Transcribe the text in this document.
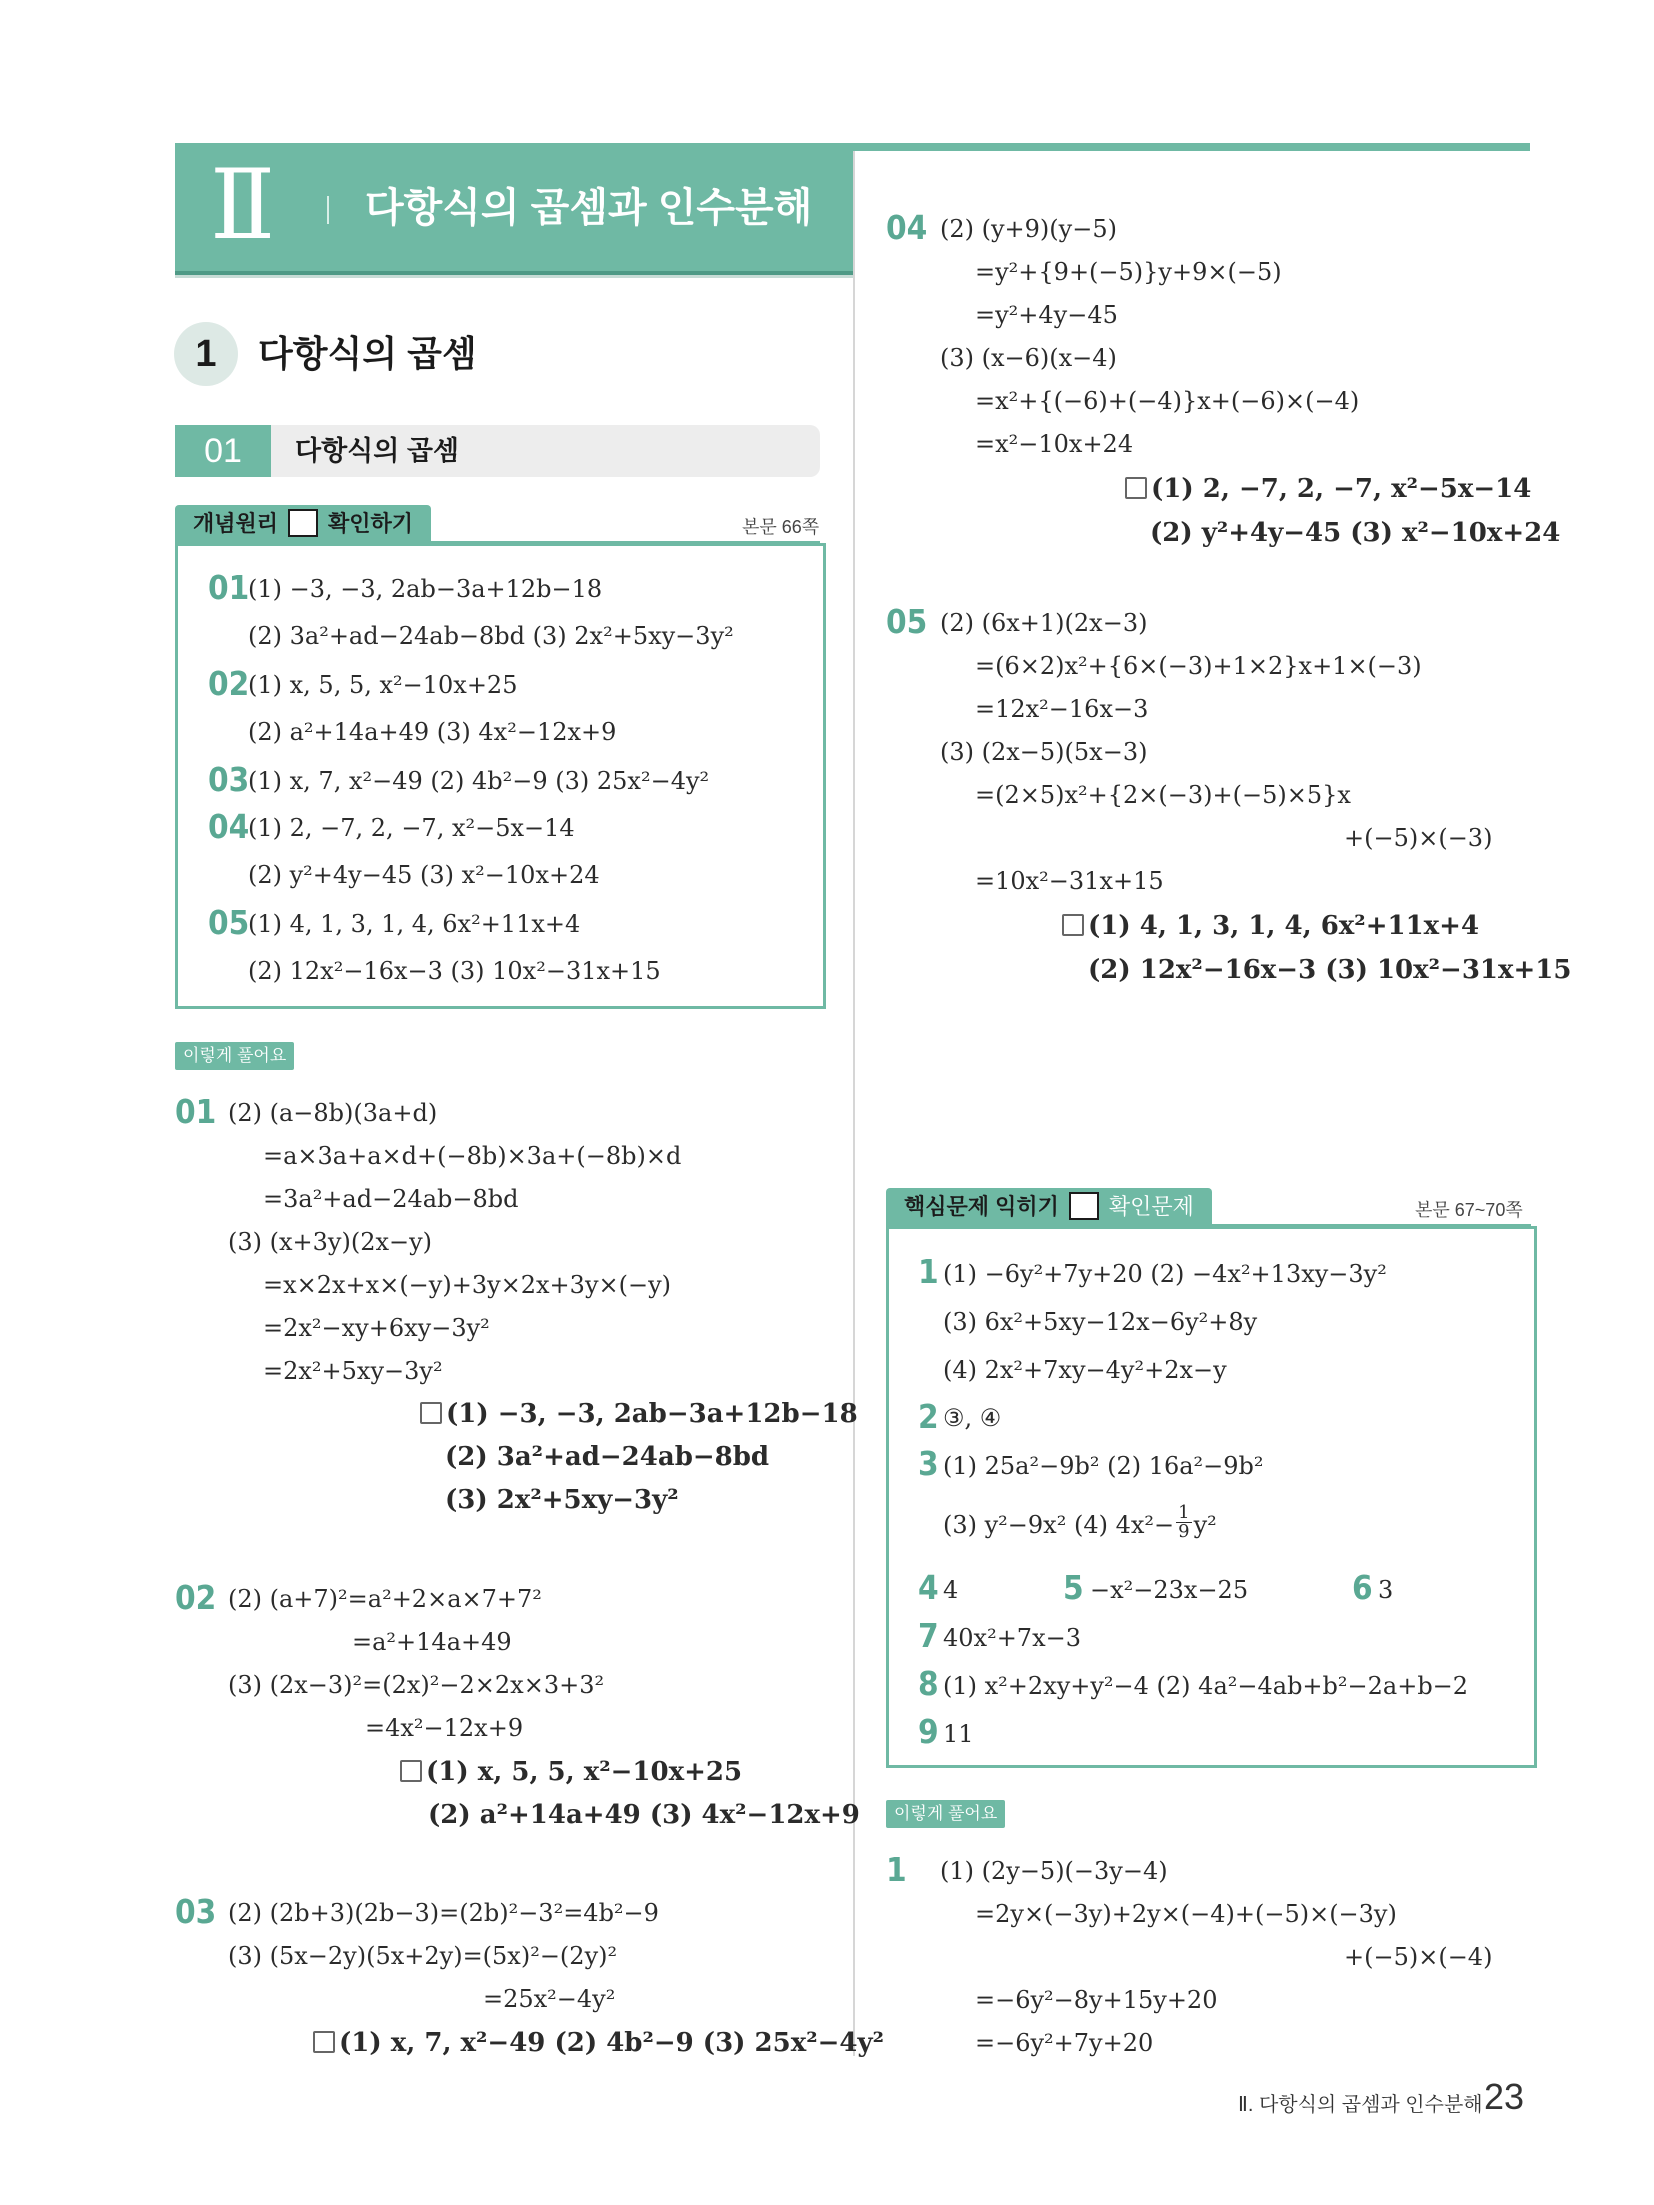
Ⅱ 다항식의 곱셈과 인수분해
1	다항식의 곱셈
01	다항식의 곱셈
개념원리 확인하기	본문 66쪽
01
(1) −3, −3, 2ab−3a+12b−18
(2) 3a²+ad−24ab−8bd (3) 2x²+5xy−3y²
02
(1) x, 5, 5, x²−10x+25
(2) a²+14a+49 (3) 4x²−12x+9
03
(1) x, 7, x²−49 (2) 4b²−9 (3) 25x²−4y²
04
(1) 2, −7, 2, −7, x²−5x−14
(2) y²+4y−45 (3) x²−10x+24
05
(1) 4, 1, 3, 1, 4, 6x²+11x+4
(2) 12x²−16x−3 (3) 10x²−31x+15
이렇게 풀어요
01 (2) (a−8b)(3a+d)
=a×3a+a×d+(−8b)×3a+(−8b)×d
=3a²+ad−24ab−8bd
(3) (x+3y)(2x−y)
=x×2x+x×(−y)+3y×2x+3y×(−y)
=2x²−xy+6xy−3y²
=2x²+5xy−3y²
(1) −3, −3, 2ab−3a+12b−18
(2) 3a²+ad−24ab−8bd
(3) 2x²+5xy−3y²
02 (2) (a+7)²=a²+2×a×7+7²
=a²+14a+49
(3) (2x−3)²=(2x)²−2×2x×3+3²
=4x²−12x+9
(1) x, 5, 5, x²−10x+25
(2) a²+14a+49 (3) 4x²−12x+9
03 (2) (2b+3)(2b−3)=(2b)²−3²=4b²−9
(3) (5x−2y)(5x+2y)=(5x)²−(2y)²
=25x²−4y²
(1) x, 7, x²−49 (2) 4b²−9 (3) 25x²−4y²
04 (2) (y+9)(y−5)
=y²+{9+(−5)}y+9×(−5)
=y²+4y−45
(3) (x−6)(x−4)
=x²+{(−6)+(−4)}x+(−6)×(−4)
=x²−10x+24
(1) 2, −7, 2, −7, x²−5x−14
(2) y²+4y−45 (3) x²−10x+24
05 (2) (6x+1)(2x−3)
=(6×2)x²+{6×(−3)+1×2}x+1×(−3)
=12x²−16x−3
(3) (2x−5)(5x−3)
=(2×5)x²+{2×(−3)+(−5)×5}x
+(−5)×(−3)
=10x²−31x+15
(1) 4, 1, 3, 1, 4, 6x²+11x+4
(2) 12x²−16x−3 (3) 10x²−31x+15
핵심문제 익히기 확인문제	본문 67~70쪽
1 (1) −6y²+7y+20 (2) −4x²+13xy−3y²
(3) 6x²+5xy−12x−6y²+8y
(4) 2x²+7xy−4y²+2x−y
2 ③, ④
3 (1) 25a²−9b² (2) 16a²−9b²
(3) y²−9x² (4) $4x^2- \frac{1}{9} y^2$
4 4	5 −x²−23x−25	6 3
7 40x²+7x−3
8 (1) x²+2xy+y²−4 (2) 4a²−4ab+b²−2a+b−2
9 11
이렇게 풀어요
1 (1) (2y−5)(−3y−4)
=2y×(−3y)+2y×(−4)+(−5)×(−3y)
+(−5)×(−4)
=−6y²−8y+15y+20
=−6y²+7y+20
Ⅱ. 다항식의 곱셈과 인수분해 23
